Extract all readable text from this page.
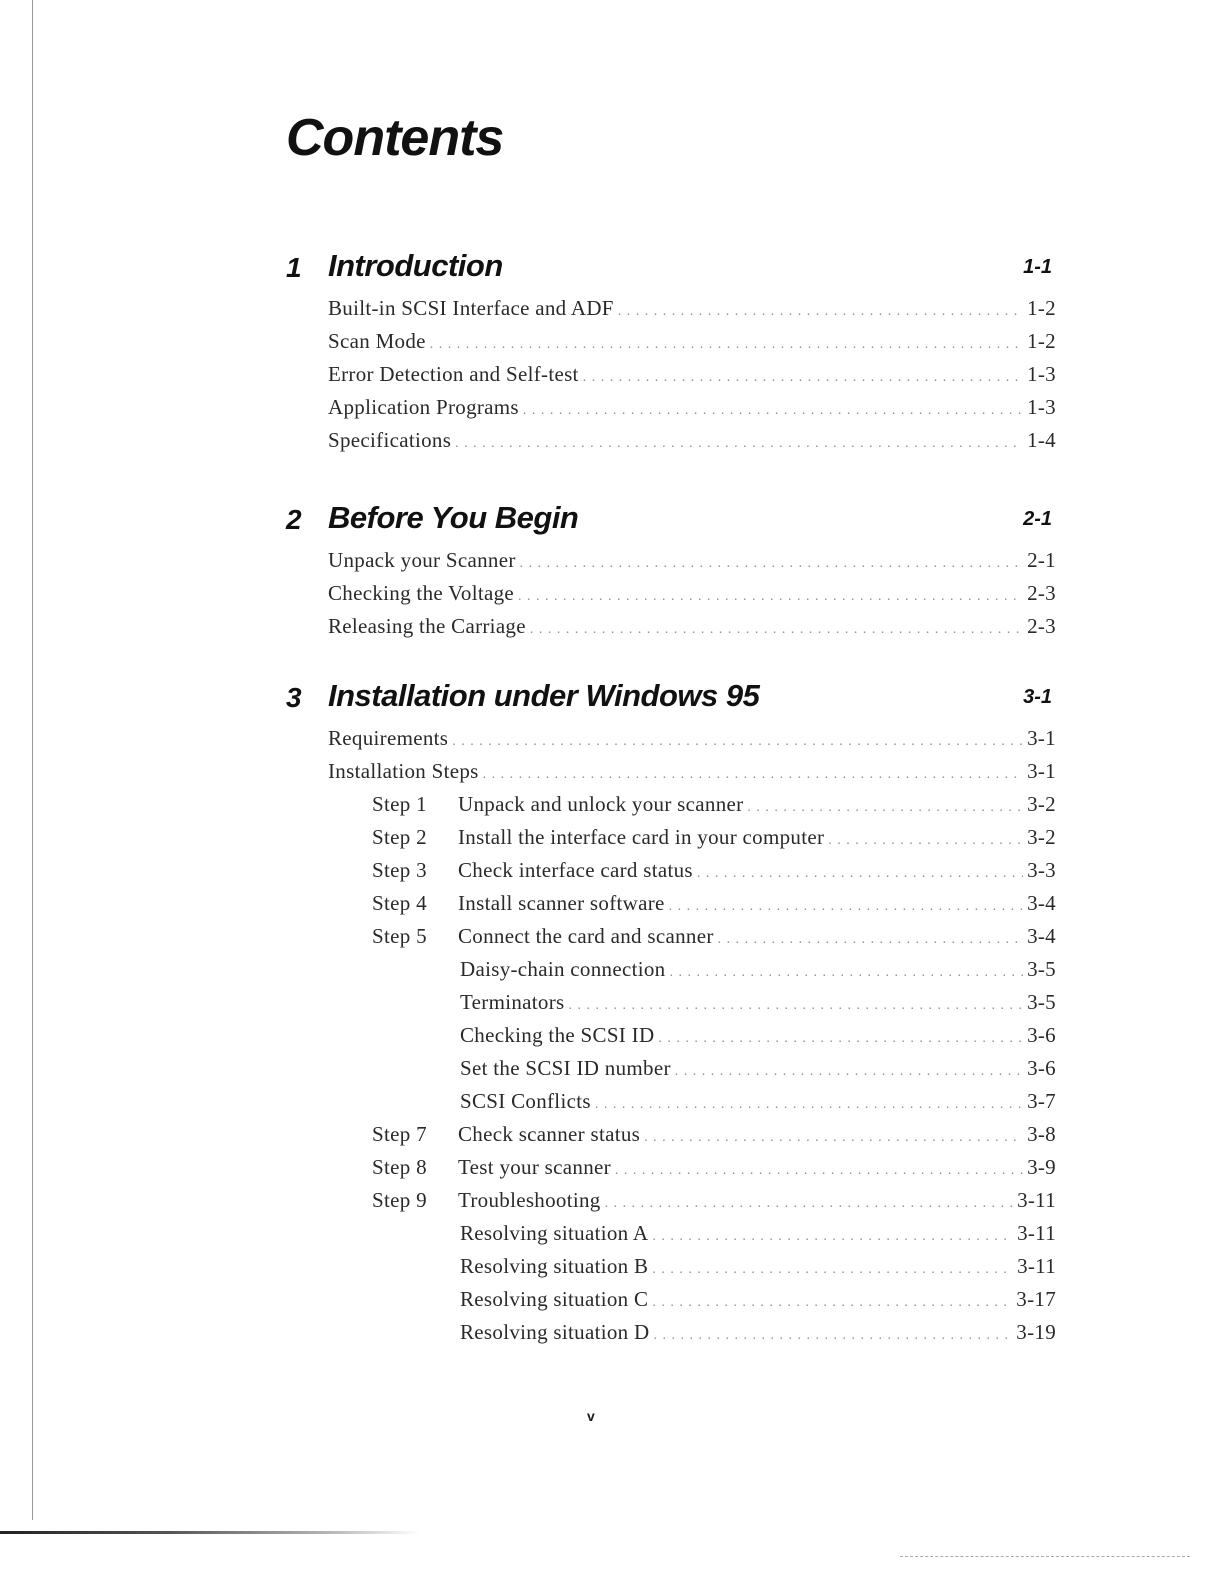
Contents
1 Introduction	1-1
Built-in SCSI Interface and ADF . . .	1-2
Scan Mode . . .	1-2
Error Detection and Self-test . . .	1-3
Application Programs . . .	1-3
Specifications . . .	1-4
2 Before You Begin	2-1
Unpack your Scanner . . .	2-1
Checking the Voltage . . .	2-3
Releasing the Carriage . . .	2-3
3 Installation under Windows 95	3-1
Requirements . . .	3-1
Installation Steps . . .	3-1
Step 1	Unpack and unlock your scanner . . .	3-2
Step 2	Install the interface card in your computer . . .	3-2
Step 3	Check interface card status . . .	3-3
Step 4	Install scanner software . . .	3-4
Step 5	Connect the card and scanner . . .	3-4
Daisy-chain connection . . .	3-5
Terminators . . .	3-5
Checking the SCSI ID . . .	3-6
Set the SCSI ID number . . .	3-6
SCSI Conflicts . . .	3-7
Step 7	Check scanner status . . .	3-8
Step 8	Test your scanner . . .	3-9
Step 9	Troubleshooting . . .	3-11
Resolving situation A . . .	3-11
Resolving situation B . . .	3-11
Resolving situation C . . .	3-17
Resolving situation D . . .	3-19
v
